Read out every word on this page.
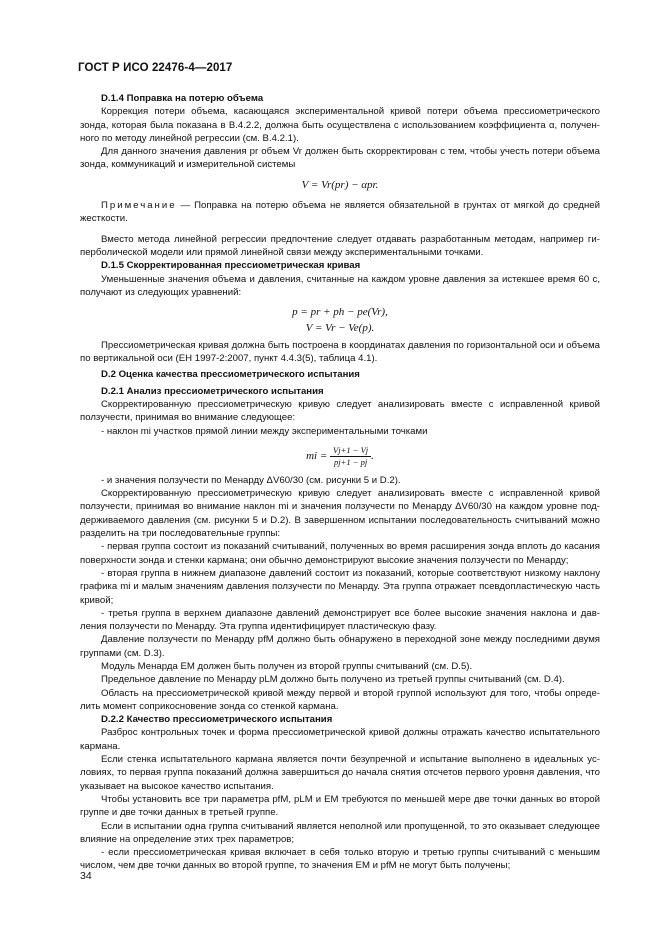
ГОСТ Р ИСО 22476-4—2017

D.1.4 Поправка на потерю объема

Коррекция потери объема, касающаяся экспериментальной кривой потери объема прессиометрического зонда, которая была показана в В.4.2.2, должна быть осуществлена с использованием коэффициента α, полученного по методу линейной регрессии (см. В.4.2.1).

Для данного значения давления pr объем Vr должен быть скорректирован с тем, чтобы учесть потери объема зонда, коммуникаций и измерительной системы

V = Vr(pr) − αpr.

Примечание — Поправка на потерю объема не является обязательной в грунтах от мягкой до средней жесткости.

Вместо метода линейной регрессии предпочтение следует отдавать разработанным методам, например гиперболической модели или прямой линейной связи между экспериментальными точками.

D.1.5 Скорректированная прессиометрическая кривая

Уменьшенные значения объема и давления, считанные на каждом уровне давления за истекшее время 60 с, получают из следующих уравнений:

p = pr + ph − pe(Vr),

V = Vr − Ve(p).

Прессиометрическая кривая должна быть построена в координатах давления по горизонтальной оси и объема по вертикальной оси (ЕН 1997-2:2007, пункт 4.4.3(5), таблица 4.1).

D.2 Оценка качества прессиометрического испытания

D.2.1 Анализ прессиометрического испытания

Скорректированную прессиометрическую кривую следует анализировать вместе с исправленной кривой ползучести, принимая во внимание следующее:

- наклон mi участков прямой линии между экспериментальными точками

mi = $\frac{Vj+1 - Vj}{pj+1 - pj}$ .

- и значения ползучести по Менарду ΔV60/30 (см. рисунки 5 и D.2).

Скорректированную прессиометрическую кривую следует анализировать вместе с исправленной кривой ползучести, принимая во внимание наклон mi и значения ползучести по Менарду ΔV60/30 на каждом уровне поддерживаемого давления (см. рисунки 5 и D.2). В завершенном испытании последовательность считываний можно разделить на три последовательные группы:

- первая группа состоит из показаний считываний, полученных во время расширения зонда вплоть до касания поверхности зонда и стенки кармана; они обычно демонстрируют высокие значения ползучести по Менарду;

- вторая группа в нижнем диапазоне давлений состоит из показаний, которые соответствуют низкому наклону графика mi и малым значениям давления ползучести по Менарду. Эта группа отражает псевдопластическую часть кривой;

- третья группа в верхнем диапазоне давлений демонстрирует все более высокие значения наклона и давления ползучести по Менарду. Эта группа идентифицирует пластическую фазу.

Давление ползучести по Менарду pfM должно быть обнаружено в переходной зоне между последними двумя группами (см. D.3).

Модуль Менарда EM должен быть получен из второй группы считываний (см. D.5).

Предельное давление по Менарду pLM должно быть получено из третьей группы считываний (см. D.4).

Область на прессиометрической кривой между первой и второй группой используют для того, чтобы определить момент соприкосновение зонда со стенкой кармана.

D.2.2 Качество прессиометрического испытания

Разброс контрольных точек и форма прессиометрической кривой должны отражать качество испытательного кармана.

Если стенка испытательного кармана является почти безупречной и испытание выполнено в идеальных условиях, то первая группа показаний должна завершиться до начала снятия отсчетов первого уровня давления, что указывает на высокое качество испытания.

Чтобы установить все три параметра pfM, pLM и EM требуются по меньшей мере две точки данных во второй группе и две точки данных в третьей группе.

Если в испытании одна группа считываний является неполной или пропущенной, то это оказывает следующее влияние на определение этих трех параметров;

- если прессиометрическая кривая включает в себя только вторую и третью группы считываний с меньшим числом, чем две точки данных во второй группе, то значения EM и pfM не могут быть получены;

34
